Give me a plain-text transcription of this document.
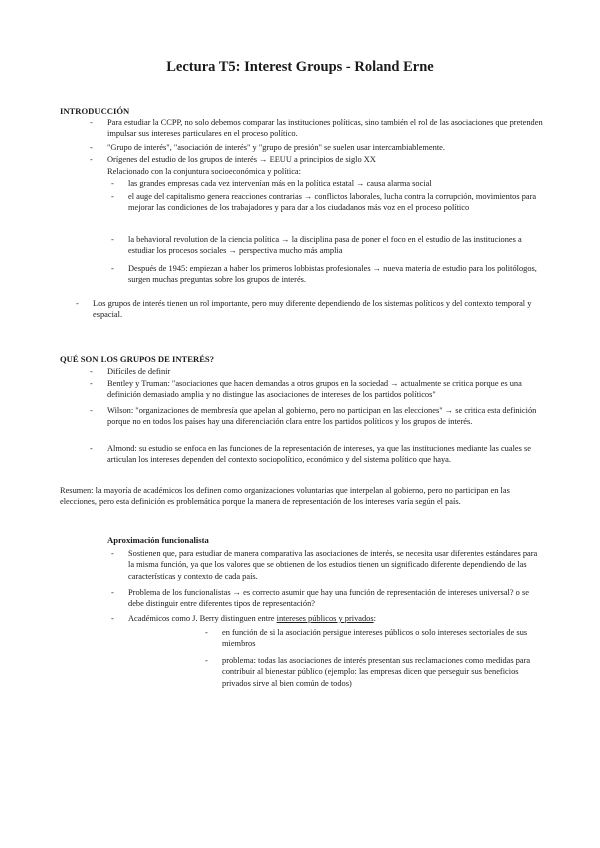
Lectura T5: Interest Groups - Roland Erne
INTRODUCCIÓN
- Para estudiar la CCPP, no solo debemos comparar las instituciones políticas, sino también el rol de las asociaciones que pretenden impulsar sus intereses particulares en el proceso político.
- "Grupo de interés", "asociación de interés" y "grupo de presión" se suelen usar intercambiablemente.
- Orígenes del estudio de los grupos de interés → EEUU a principios de siglo XX
Relacionado con la conjuntura socioeconómica y política:
- las grandes empresas cada vez intervenían más en la política estatal → causa alarma social
- el auge del capitalismo genera reacciones contrarias → conflictos laborales, lucha contra la corrupción, movimientos para mejorar las condiciones de los trabajadores y para dar a los ciudadanos más voz en el proceso político
- la behavioral revolution de la ciencia política → la disciplina pasa de poner el foco en el estudio de las instituciones a estudiar los procesos sociales → perspectiva mucho más amplia
- Después de 1945: empiezan a haber los primeros lobbistas profesionales → nueva materia de estudio para los politólogos, surgen muchas preguntas sobre los grupos de interés.
- Los grupos de interés tienen un rol importante, pero muy diferente dependiendo de los sistemas políticos y del contexto temporal y espacial.
QUÉ SON LOS GRUPOS DE INTERÉS?
- Difíciles de definir
- Bentley y Truman: "asociaciones que hacen demandas a otros grupos en la sociedad → actualmente se critica porque es una definición demasiado amplia y no distingue las asociaciones de intereses de los partidos políticos"
- Wilson: "organizaciones de membresía que apelan al gobierno, pero no participan en las elecciones" → se critica esta definición porque no en todos los países hay una diferenciación clara entre los partidos políticos y los grupos de interés.
- Almond: su estudio se enfoca en las funciones de la representación de intereses, ya que las instituciones mediante las cuales se articulan los intereses dependen del contexto sociopolítico, económico y del sistema político que haya.
Resumen: la mayoría de académicos los definen como organizaciones voluntarias que interpelan al gobierno, pero no participan en las elecciones, pero esta definición es problemática porque la manera de representación de los intereses varía según el país.
Aproximación funcionalista
- Sostienen que, para estudiar de manera comparativa las asociaciones de interés, se necesita usar diferentes estándares para la misma función, ya que los valores que se obtienen de los estudios tienen un significado diferente dependiendo de las características y contexto de cada país.
- Problema de los funcionalistas → es correcto asumir que hay una función de representación de intereses universal? o se debe distinguir entre diferentes tipos de representación?
- Académicos como J. Berry distinguen entre intereses públicos y privados:
- en función de si la asociación persigue intereses públicos o solo intereses sectoriales de sus miembros
- problema: todas las asociaciones de interés presentan sus reclamaciones como medidas para contribuir al bienestar público (ejemplo: las empresas dicen que perseguir sus beneficios privados sirve al bien común de todos)
